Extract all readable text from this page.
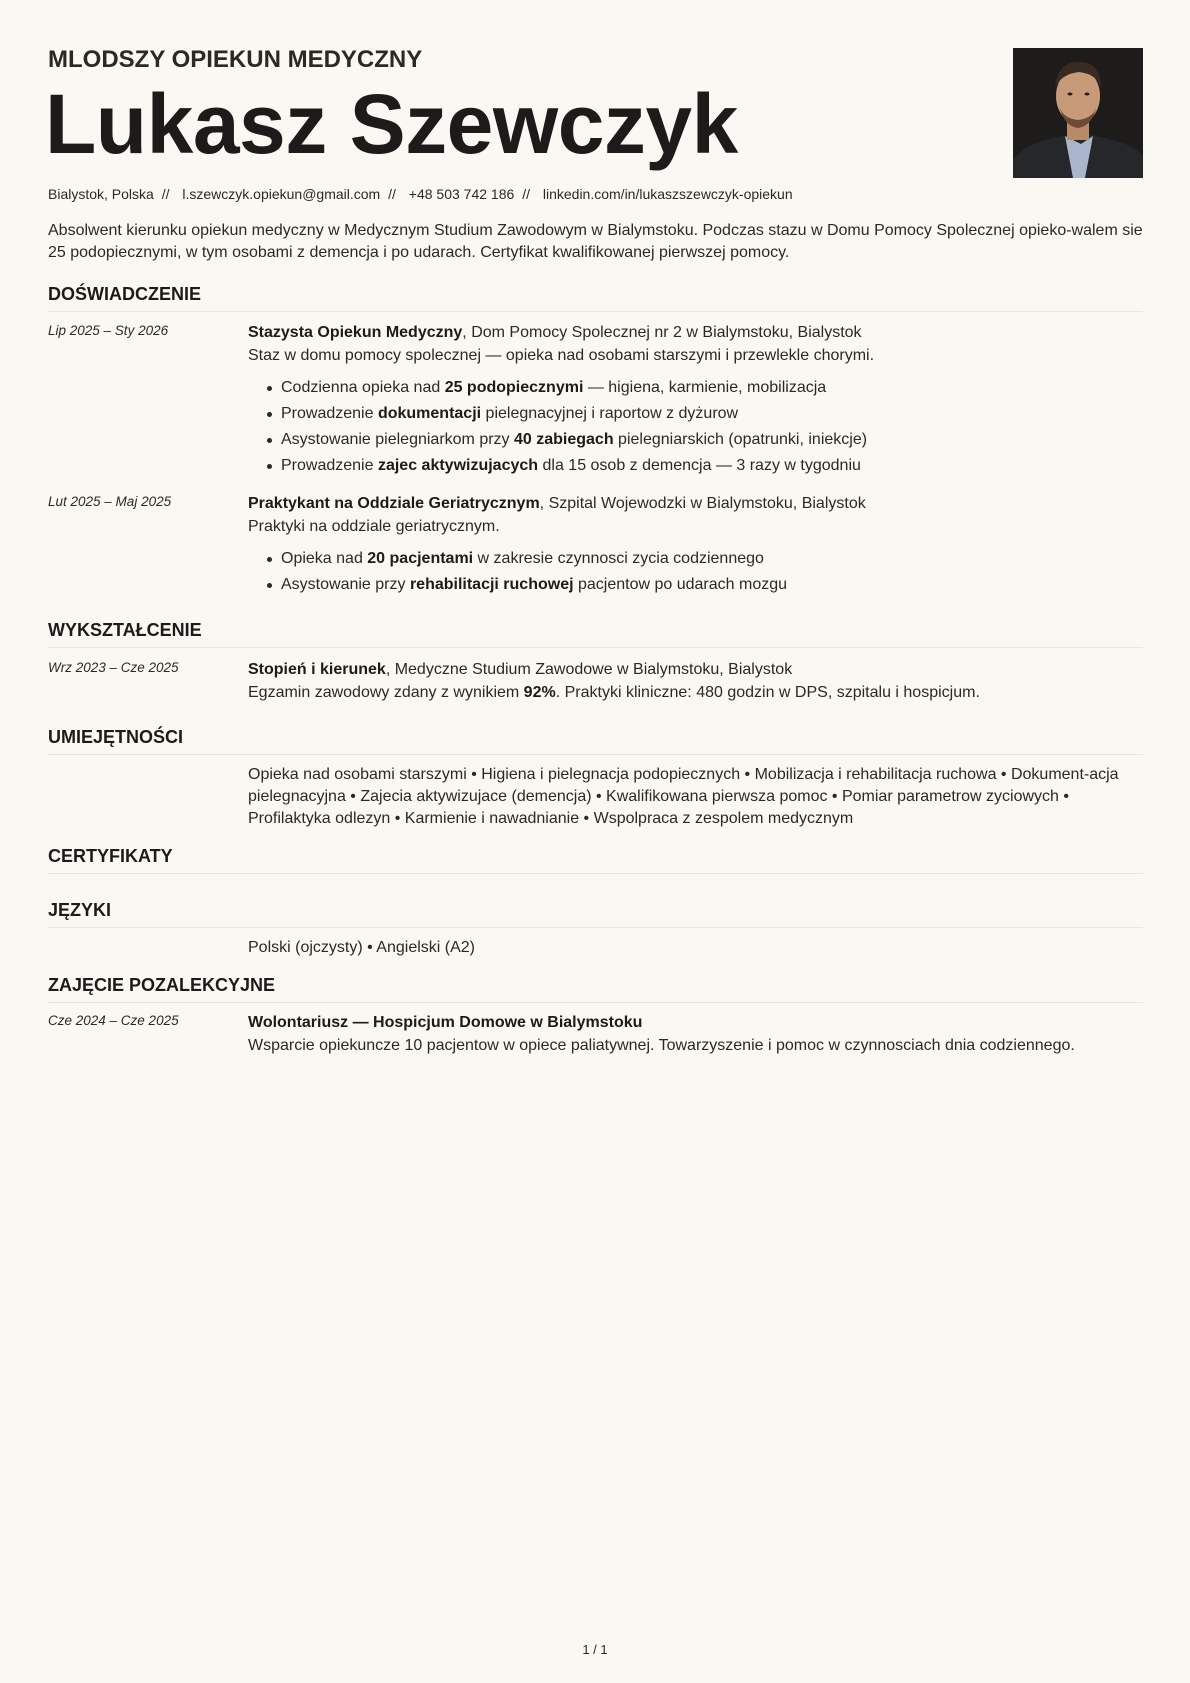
MLODSZY OPIEKUN MEDYCZNY
Lukasz Szewczyk
Bialystok, Polska // l.szewczyk.opiekun@gmail.com // +48 503 742 186 // linkedin.com/in/lukaszszewczyk-opiekun
Absolwent kierunku opiekun medyczny w Medycznym Studium Zawodowym w Bialymstoku. Podczas stazu w Domu Pomocy Spolecznej opieko-walem sie 25 podopiecznymi, w tym osobami z demencja i po udarach. Certyfikat kwalifikowanej pierwszej pomocy.
DOŚWIADCZENIE
Lip 2025 – Sty 2026	Stazysta Opiekun Medyczny, Dom Pomocy Spolecznej nr 2 w Bialymstoku, Bialystok
Staz w domu pomocy spolecznej — opieka nad osobami starszymi i przewlekle chorymi.
Codzienna opieka nad 25 podopiecznymi — higiena, karmienie, mobilizacja
Prowadzenie dokumentacji pielegnacyjnej i raportow z dyżurow
Asystowanie pielegniarkom przy 40 zabiegach pielegniarskich (opatrunki, iniekcje)
Prowadzenie zajec aktywizujacych dla 15 osob z demencja — 3 razy w tygodniu
Lut 2025 – Maj 2025	Praktykant na Oddziale Geriatrycznym, Szpital Wojewodzki w Bialymstoku, Bialystok
Praktyki na oddziale geriatrycznym.
Opieka nad 20 pacjentami w zakresie czynnosci zycia codziennego
Asystowanie przy rehabilitacji ruchowej pacjentow po udarach mozgu
WYKSZTAŁCENIE
Wrz 2023 – Cze 2025	Stopień i kierunek, Medyczne Studium Zawodowe w Bialymstoku, Bialystok
Egzamin zawodowy zdany z wynikiem 92%. Praktyki kliniczne: 480 godzin w DPS, szpitalu i hospicjum.
UMIEJĘTNOŚCI
Opieka nad osobami starszymi • Higiena i pielegnacja podopiecznych • Mobilizacja i rehabilitacja ruchowa • Dokument-acja pielegnacyjna • Zajecia aktywizujace (demencja) • Kwalifikowana pierwsza pomoc • Pomiar parametrow zyciowych • Profilaktyka odlezyn • Karmienie i nawadnianie • Wspolpraca z zespolem medycznym
CERTYFIKATY
JĘZYKI
Polski (ojczysty) • Angielski (A2)
ZAJĘCIE POZALEKCYJNE
Cze 2024 – Cze 2025	Wolontariusz — Hospicjum Domowe w Bialymstoku
Wsparcie opiekuncze 10 pacjentow w opiece paliatywnej. Towarzyszenie i pomoc w czynnosciach dnia codziennego.
1 / 1
